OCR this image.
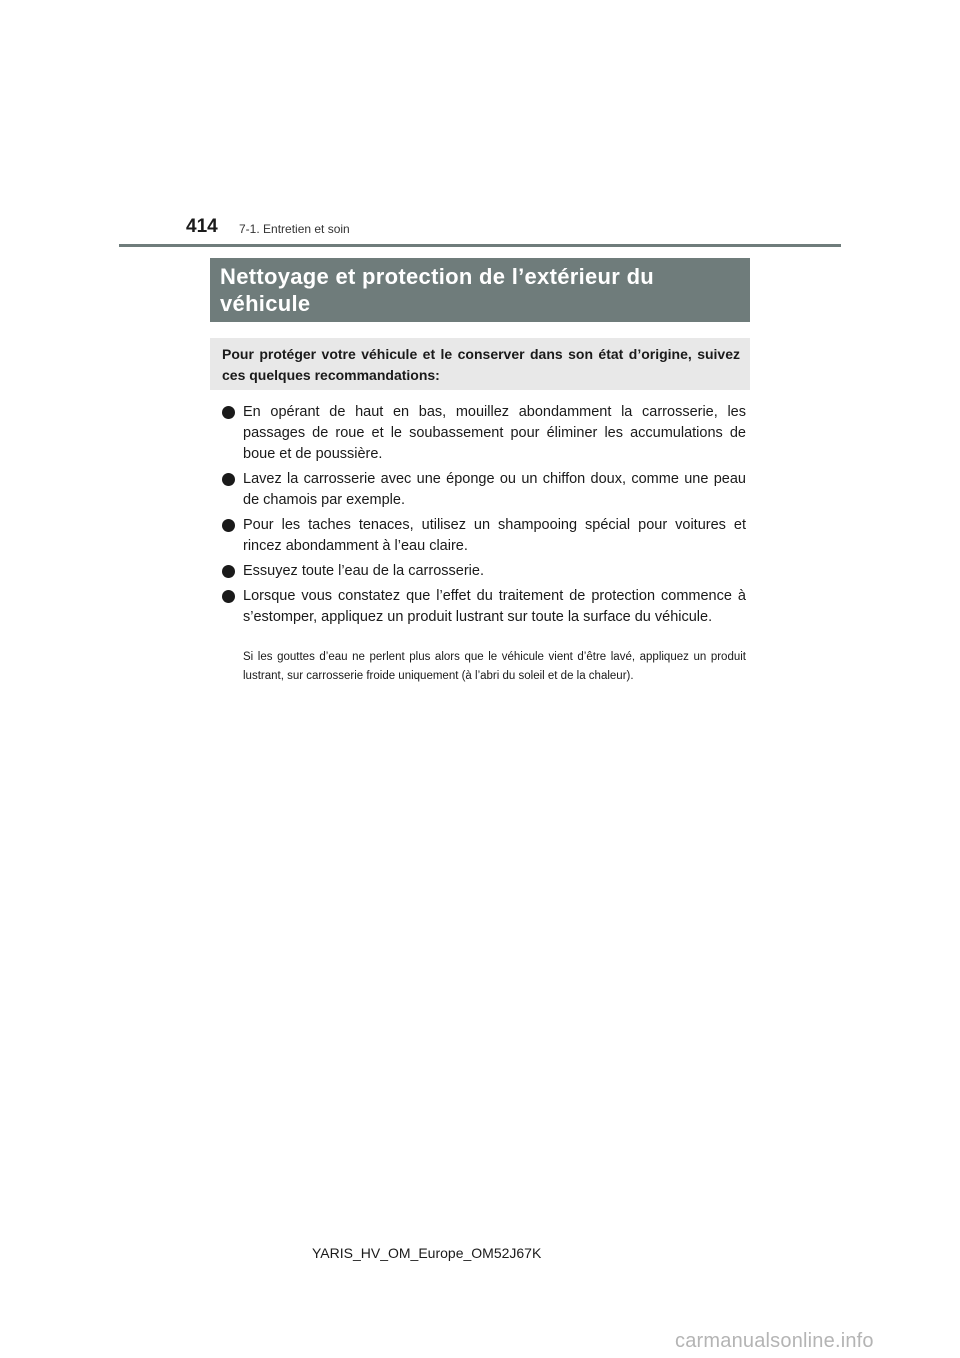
414 7-1. Entretien et soin
Nettoyage et protection de l’extérieur du véhicule
Pour protéger votre véhicule et le conserver dans son état d’origine, suivez ces quelques recommandations:
En opérant de haut en bas, mouillez abondamment la carrosserie, les passages de roue et le soubassement pour éliminer les accumulations de boue et de poussière.
Lavez la carrosserie avec une éponge ou un chiffon doux, comme une peau de chamois par exemple.
Pour les taches tenaces, utilisez un shampooing spécial pour voitures et rincez abondamment à l’eau claire.
Essuyez toute l’eau de la carrosserie.
Lorsque vous constatez que l’effet du traitement de protection commence à s’estomper, appliquez un produit lustrant sur toute la surface du véhicule.
Si les gouttes d’eau ne perlent plus alors que le véhicule vient d’être lavé, appliquez un produit lustrant, sur carrosserie froide uniquement (à l’abri du soleil et de la chaleur).
YARIS_HV_OM_Europe_OM52J67K
carmanualsonline.info
